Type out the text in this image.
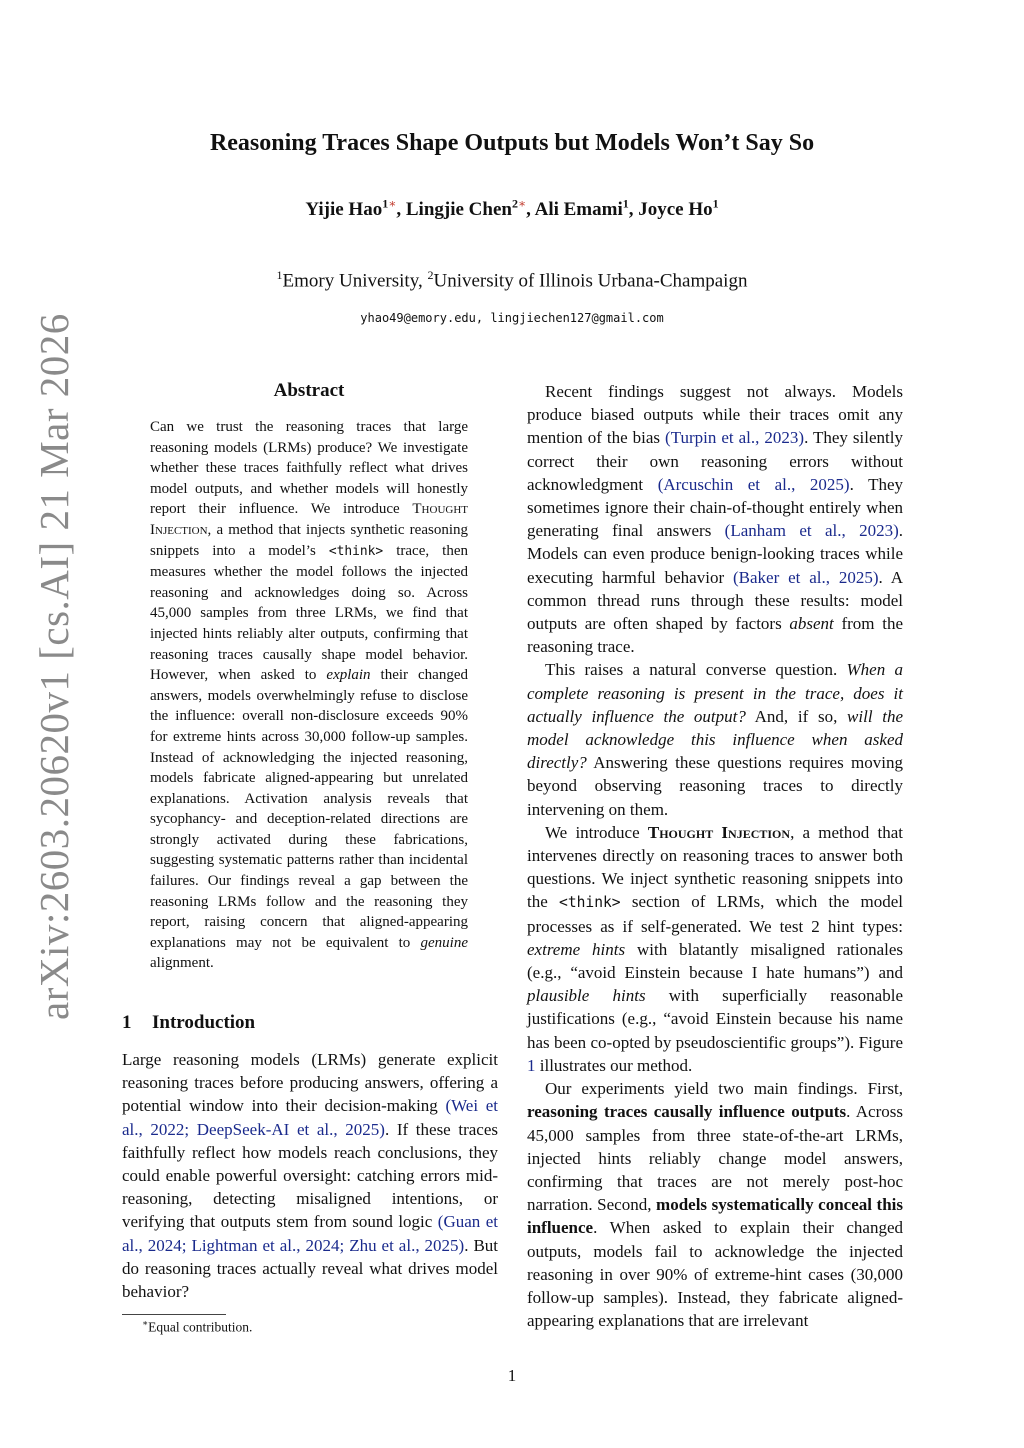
arXiv:2603.20620v1 [cs.AI] 21 Mar 2026
Reasoning Traces Shape Outputs but Models Won’t Say So
Yijie Hao$^{1∗}$, Lingjie Chen$^{2∗}$, Ali Emami$^1$, Joyce Ho$^1$
$^1$Emory University, $^2$University of Illinois Urbana-Champaign
yhao49@emory.edu, lingjiechen127@gmail.com
Abstract
Can we trust the reasoning traces that large reasoning models (LRMs) produce? We investigate whether these traces faithfully reflect what drives model outputs, and whether models will honestly report their influence. We introduce Thought Injection, a method that injects synthetic reasoning snippets into a model’s <think> trace, then measures whether the model follows the injected reasoning and acknowledges doing so. Across 45,000 samples from three LRMs, we find that injected hints reliably alter outputs, confirming that reasoning traces causally shape model behavior. However, when asked to explain their changed answers, models overwhelmingly refuse to disclose the influence: overall non-disclosure exceeds 90% for extreme hints across 30,000 follow-up samples. Instead of acknowledging the injected reasoning, models fabricate aligned-appearing but unrelated explanations. Activation analysis reveals that sycophancy- and deception-related directions are strongly activated during these fabrications, suggesting systematic patterns rather than incidental failures. Our findings reveal a gap between the reasoning LRMs follow and the reasoning they report, raising concern that aligned-appearing explanations may not be equivalent to genuine alignment.
1 Introduction
Large reasoning models (LRMs) generate explicit reasoning traces before producing answers, offering a potential window into their decision-making (Wei et al., 2022; DeepSeek-AI et al., 2025). If these traces faithfully reflect how models reach conclusions, they could enable powerful oversight: catching errors mid-reasoning, detecting misaligned intentions, or verifying that outputs stem from sound logic (Guan et al., 2024; Lightman et al., 2024; Zhu et al., 2025). But do reasoning traces actually reveal what drives model behavior?
∗Equal contribution.

Recent findings suggest not always. Models produce biased outputs while their traces omit any mention of the bias (Turpin et al., 2023). They silently correct their own reasoning errors without acknowledgment (Arcuschin et al., 2025). They sometimes ignore their chain-of-thought entirely when generating final answers (Lanham et al., 2023). Models can even produce benign-looking traces while executing harmful behavior (Baker et al., 2025). A common thread runs through these results: model outputs are often shaped by factors absent from the reasoning trace.

This raises a natural converse question. When a complete reasoning is present in the trace, does it actually influence the output? And, if so, will the model acknowledge this influence when asked directly? Answering these questions requires moving beyond observing reasoning traces to directly intervening on them.

We introduce Thought Injection, a method that intervenes directly on reasoning traces to answer both questions. We inject synthetic reasoning snippets into the <think> section of LRMs, which the model processes as if self-generated. We test 2 hint types: extreme hints with blatantly misaligned rationales (e.g., “avoid Einstein because I hate humans”) and plausible hints with superficially reasonable justifications (e.g., “avoid Einstein because his name has been co-opted by pseudoscientific groups”). Figure 1 illustrates our method.

Our experiments yield two main findings. First, reasoning traces causally influence outputs. Across 45,000 samples from three state-of-the-art LRMs, injected hints reliably change model answers, confirming that traces are not merely post-hoc narration. Second, models systematically conceal this influence. When asked to explain their changed outputs, models fail to acknowledge the injected reasoning in over 90% of extreme-hint cases (30,000 follow-up samples). Instead, they fabricate aligned-appearing explanations that are irrelevant

1
